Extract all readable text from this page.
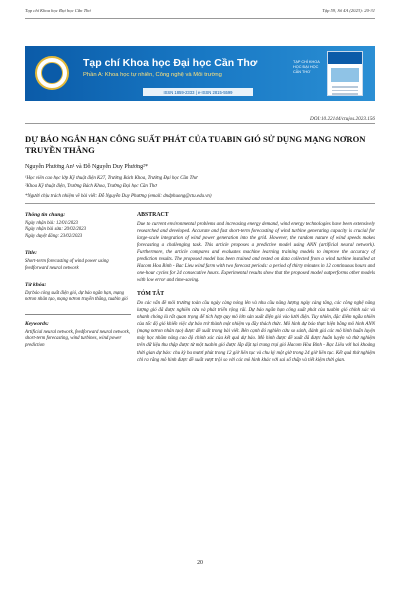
Tạp chí Khoa học Đại học Cần Thơ	Tập 59, Số 4A (2023): 20-31
Tạp chí Khoa học Đại học Cần Thơ
Phần A: Khoa học tự nhiên, Công nghệ và Môi trường
ISSN 1859-2333 | e-ISSN 2815-5599
TẠP CHÍ KHOA HỌC ĐẠI HỌC CẦN THƠ
DOI:10.22144/ctujos.2023.156
DỰ BÁO NGẮN HẠN CÔNG SUẤT PHÁT CỦA TUABIN GIÓ SỬ DỤNG MẠNG NƠRON TRUYỀN THẲNG
Nguyễn Phương An¹ và Đỗ Nguyễn Duy Phương²*
¹Học viên cao học lớp Kỹ thuật điện K27, Trường Bách Khoa, Trường Đại học Cần Thơ
²Khoa Kỹ thuật điện, Trường Bách Khoa, Trường Đại học Cần Thơ
*Người chịu trách nhiệm về bài viết: Đỗ Nguyễn Duy Phương (email: dndphuong@ctu.edu.vn)
Thông tin chung:
Ngày nhận bài: 12/01/2023
Ngày nhận bài sửa: 20/02/2023
Ngày duyệt đăng: 23/02/2023
Title:
Short-term forecasting of wind power using feedforward neural network
Từ khóa:
Dự báo công suất điện gió, dự báo ngắn hạn, mạng nơron nhân tạo, mạng nơron truyền thẳng, tuabin gió
Keywords:
Artificial neural network, feedforward neural network, short-term forecasting, wind turbines, wind power prediction
ABSTRACT

Due to current environmental problems and increasing energy demand, wind energy technologies have been extensively researched and developed. Accurate and fast short-term forecasting of wind turbine generating capacity is crucial for large-scale integration of wind power generation into the grid. However, the random nature of wind speeds makes forecasting a challenging task. This article proposes a predictive model using ANN (artificial neural network). Furthermore, the article compares and evaluates machine learning training models to improve the accuracy of prediction results. The proposed model has been trained and tested on data collected from a wind turbine installed at Hacom Hoa Binh - Bac Lieu wind farm with two forecast periods: a period of thirty minutes in 12 continuous hours and one-hour cycles for 24 consecutive hours. Experimental results show that the proposed model outperforms other models with low error and time-saving.

TÓM TẮT

Do các vấn đề môi trường toàn cầu ngày càng nóng lên và nhu cầu năng lượng ngày càng tăng, các công nghệ năng lượng gió đã được nghiên cứu và phát triển rộng rãi. Dự báo ngắn hạn công suất phát của tuabin gió chính xác và nhanh chóng là rất quan trọng để tích hợp quy mô lớn sản xuất điện gió vào lưới điện. Tuy nhiên, đặc điểm ngẫu nhiên của tốc độ gió khiến việc dự báo trở thành một nhiệm vụ đầy thách thức. Mô hình dự báo thực hiện bằng mô hình ANN (mạng nơron nhân tạo) được đề xuất trong bài viết. Bên cạnh đó nghiên cứu so sánh, đánh giá các mô hình huấn luyện máy học nhằm nâng cao độ chính xác của kết quả dự báo. Mô hình được đề xuất đã được huấn luyện và thử nghiệm trên dữ liệu thu thập được từ một tuabin gió được lắp đặt tại trang trại gió Hacom Hòa Bình - Bạc Liêu với hai khoảng thời gian dự báo: chu kỳ ba mươi phút trong 12 giờ liên tục và chu kỳ một giờ trong 24 giờ liên tục. Kết quả thử nghiệm chỉ ra rằng mô hình được đề xuất vượt trội so với các mô hình khác với sai số thấp và tiết kiệm thời gian.

20
